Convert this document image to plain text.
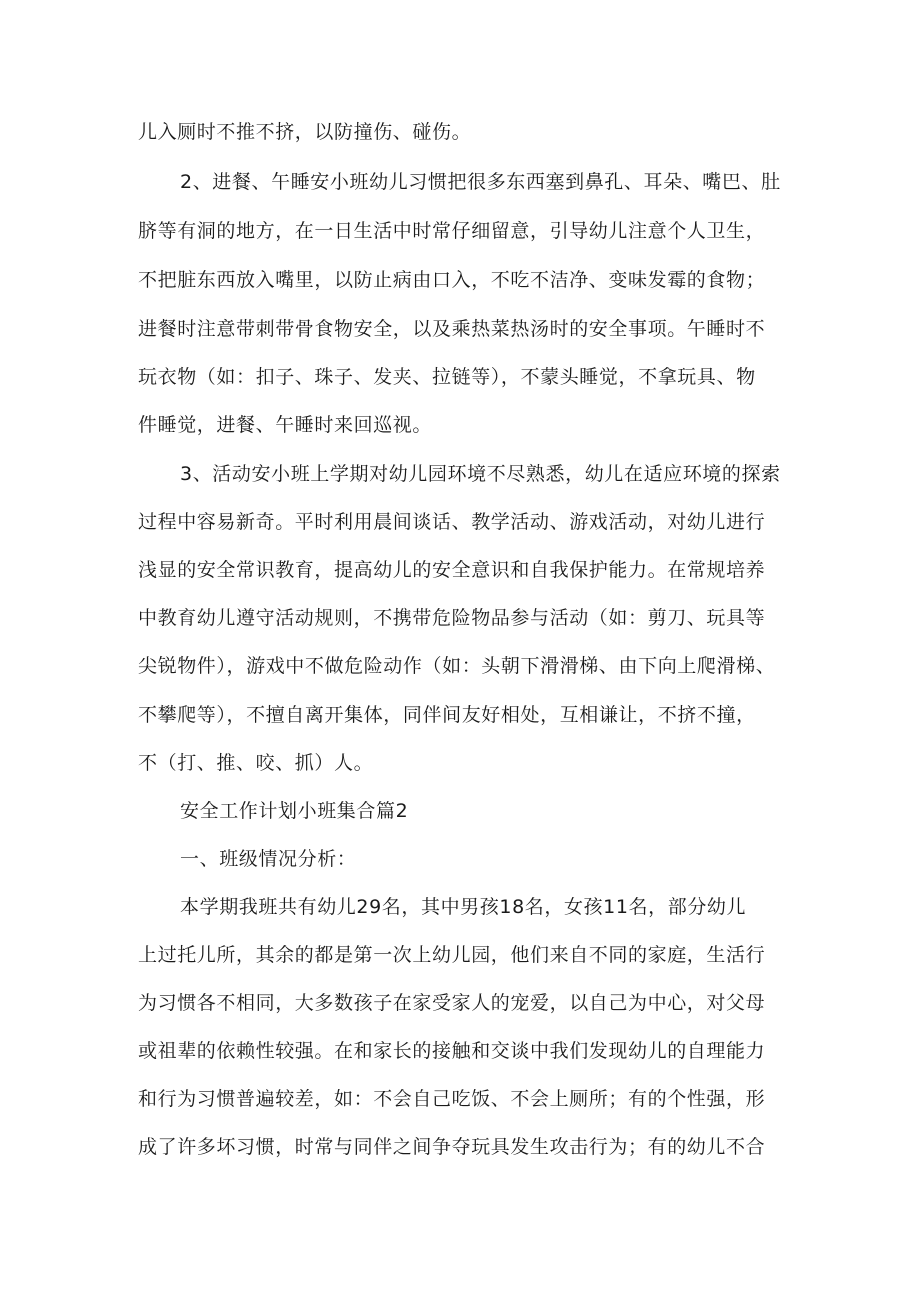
儿入厕时不推不挤，以防撞伤、碰伤。
2、进餐、午睡安小班幼儿习惯把很多东西塞到鼻孔、耳朵、嘴巴、肚
脐等有洞的地方，在一日生活中时常仔细留意，引导幼儿注意个人卫生，
不把脏东西放入嘴里，以防止病由口入，不吃不洁净、变味发霉的食物；
进餐时注意带刺带骨食物安全，以及乘热菜热汤时的安全事项。午睡时不
玩衣物（如：扣子、珠子、发夹、拉链等），不蒙头睡觉，不拿玩具、物
件睡觉，进餐、午睡时来回巡视。
3、活动安小班上学期对幼儿园环境不尽熟悉，幼儿在适应环境的探索
过程中容易新奇。平时利用晨间谈话、教学活动、游戏活动，对幼儿进行
浅显的安全常识教育，提高幼儿的安全意识和自我保护能力。在常规培养
中教育幼儿遵守活动规则，不携带危险物品参与活动（如：剪刀、玩具等
尖锐物件），游戏中不做危险动作（如：头朝下滑滑梯、由下向上爬滑梯、
不攀爬等），不擅自离开集体，同伴间友好相处，互相谦让，不挤不撞，
不（打、推、咬、抓）人。
安全工作计划小班集合篇2
一、班级情况分析：
本学期我班共有幼儿29名，其中男孩18名，女孩11名，部分幼儿
上过托儿所，其余的都是第一次上幼儿园，他们来自不同的家庭，生活行
为习惯各不相同，大多数孩子在家受家人的宠爱，以自己为中心，对父母
或祖辈的依赖性较强。在和家长的接触和交谈中我们发现幼儿的自理能力
和行为习惯普遍较差，如：不会自己吃饭、不会上厕所；有的个性强，形
成了许多坏习惯，时常与同伴之间争夺玩具发生攻击行为；有的幼儿不合
